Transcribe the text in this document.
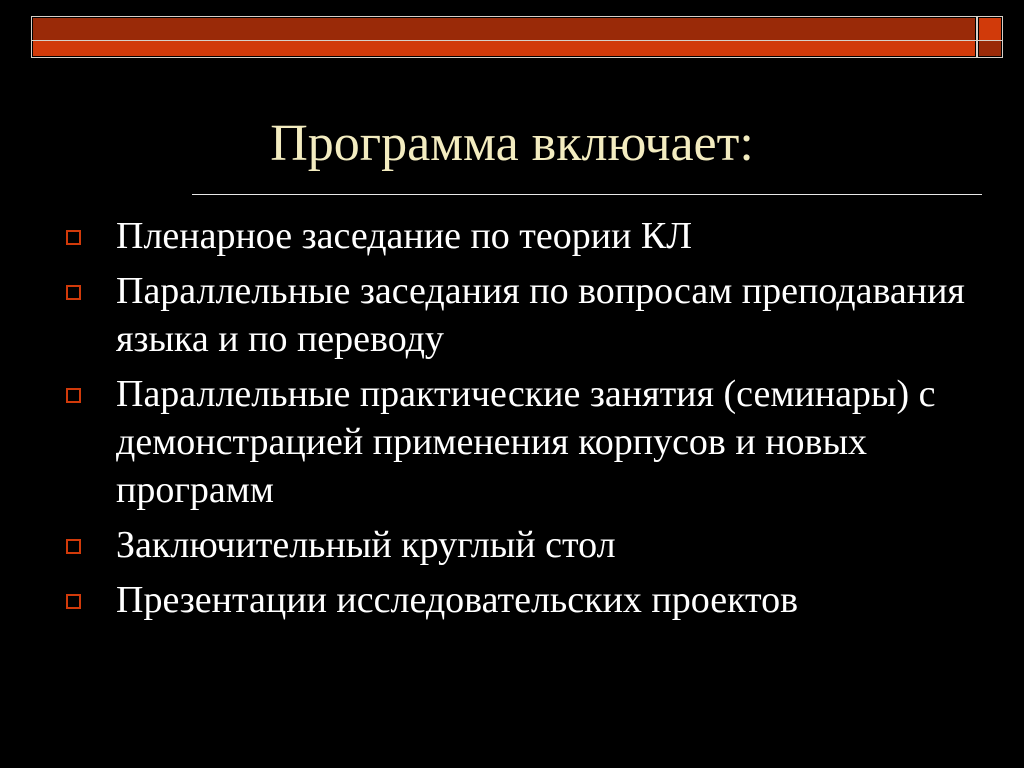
Программа включает:
Пленарное заседание по теории КЛ
Параллельные заседания по вопросам преподавания языка и по переводу
Параллельные практические занятия (семинары) с демонстрацией применения корпусов и новых программ
Заключительный круглый стол
Презентации исследовательских проектов
